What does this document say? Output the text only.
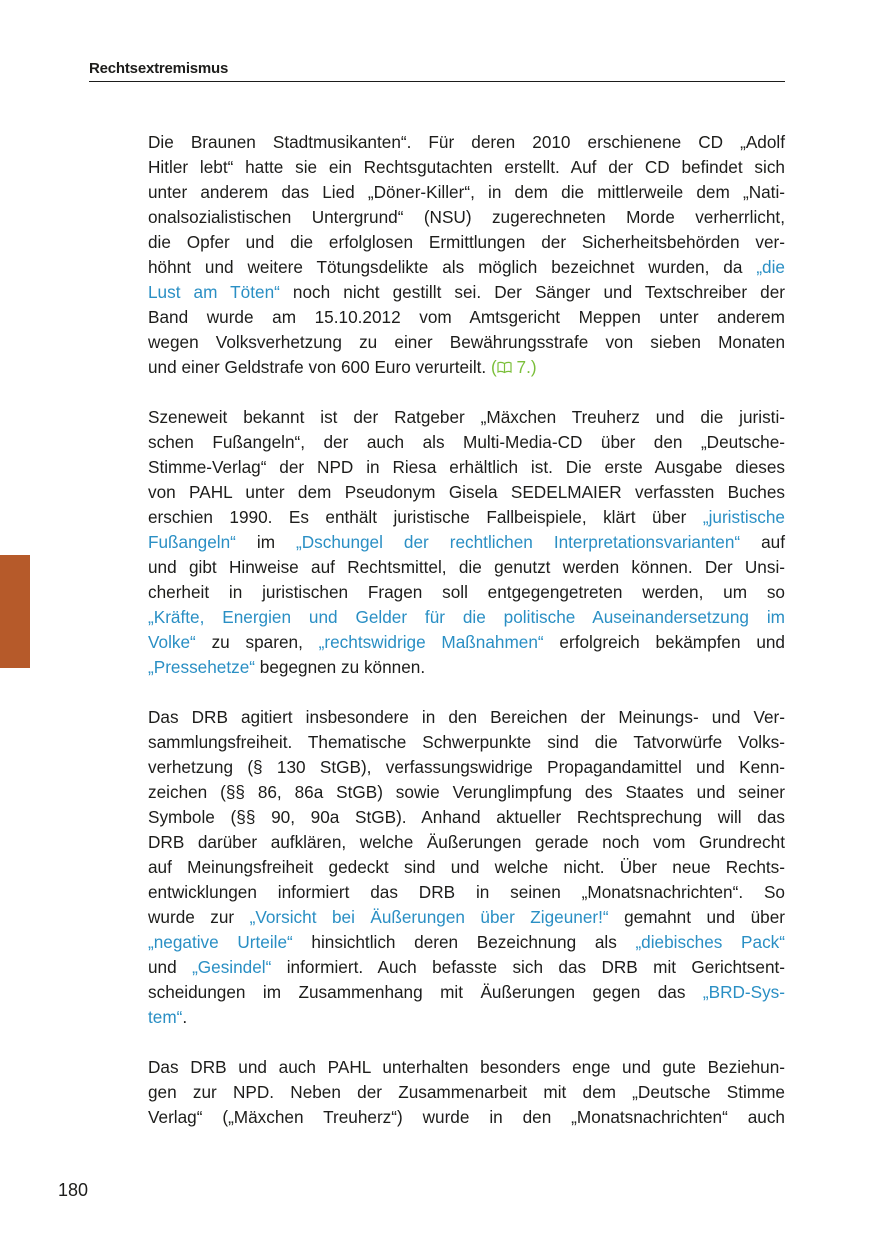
Rechtsextremismus
Die Braunen Stadtmusikanten“. Für deren 2010 erschienene CD „Adolf
Hitler lebt“ hatte sie ein Rechtsgutachten erstellt. Auf der CD befindet sich
unter anderem das Lied „Döner-Killer“, in dem die mittlerweile dem „Nati-
onalsozialistischen Untergrund“ (NSU) zugerechneten Morde verherrlicht,
die Opfer und die erfolglosen Ermittlungen der Sicherheitsbehörden ver-
höhnt und weitere Tötungsdelikte als möglich bezeichnet wurden, da „die
Lust am Töten“ noch nicht gestillt sei. Der Sänger und Textschreiber der
Band wurde am 15.10.2012 vom Amtsgericht Meppen unter anderem
wegen Volksverhetzung zu einer Bewährungsstrafe von sieben Monaten
und einer Geldstrafe von 600 Euro verurteilt. ( 7.)
Szeneweit bekannt ist der Ratgeber „Mäxchen Treuherz und die juristi-
schen Fußangeln“, der auch als Multi-Media-CD über den „Deutsche-
Stimme-Verlag“ der NPD in Riesa erhältlich ist. Die erste Ausgabe dieses
von PAHL unter dem Pseudonym Gisela SEDELMAIER verfassten Buches
erschien 1990. Es enthält juristische Fallbeispiele, klärt über „juristische
Fußangeln“ im „Dschungel der rechtlichen Interpretationsvarianten“ auf
und gibt Hinweise auf Rechtsmittel, die genutzt werden können. Der Unsi-
cherheit in juristischen Fragen soll entgegengetreten werden, um so
„Kräfte, Energien und Gelder für die politische Auseinandersetzung im
Volke“ zu sparen, „rechtswidrige Maßnahmen“ erfolgreich bekämpfen und
„Pressehetze“ begegnen zu können.
Das DRB agitiert insbesondere in den Bereichen der Meinungs- und Ver-
sammlungsfreiheit. Thematische Schwerpunkte sind die Tatvorwürfe Volks-
verhetzung (§ 130 StGB), verfassungswidrige Propagandamittel und Kenn-
zeichen (§§ 86, 86a StGB) sowie Verunglimpfung des Staates und seiner
Symbole (§§ 90, 90a StGB). Anhand aktueller Rechtsprechung will das
DRB darüber aufklären, welche Äußerungen gerade noch vom Grundrecht
auf Meinungsfreiheit gedeckt sind und welche nicht. Über neue Rechts-
entwicklungen informiert das DRB in seinen „Monatsnachrichten“. So
wurde zur „Vorsicht bei Äußerungen über Zigeuner!“ gemahnt und über
„negative Urteile“ hinsichtlich deren Bezeichnung als „diebisches Pack“
und „Gesindel“ informiert. Auch befasste sich das DRB mit Gerichtsent-
scheidungen im Zusammenhang mit Äußerungen gegen das „BRD-Sys-
tem“.
Das DRB und auch PAHL unterhalten besonders enge und gute Beziehun-
gen zur NPD. Neben der Zusammenarbeit mit dem „Deutsche Stimme
Verlag“ („Mäxchen Treuherz“) wurde in den „Monatsnachrichten“ auch
180
